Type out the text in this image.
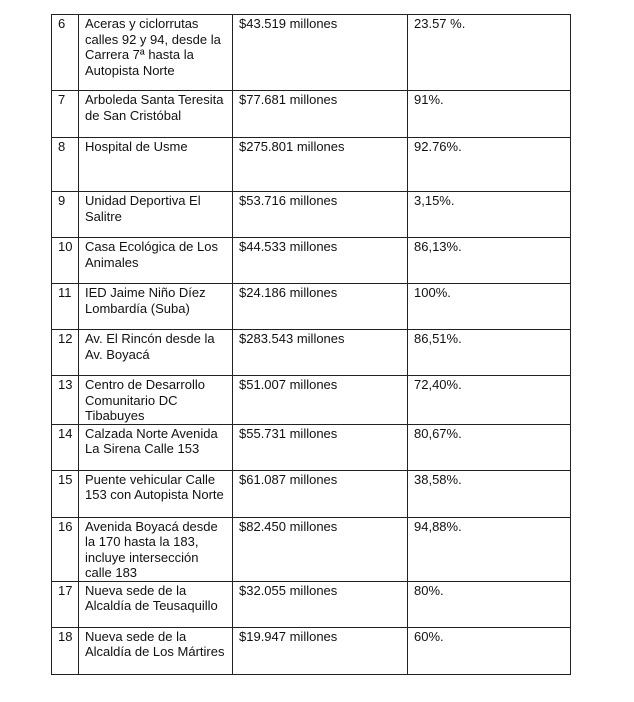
6	Aceras y ciclorrutas calles 92 y 94, desde la Carrera 7ª hasta la Autopista Norte	$43.519 millones	23.57 %.
7	Arboleda Santa Teresita de San Cristóbal	$77.681 millones	91%.
8	Hospital de Usme	$275.801 millones	92.76%.
9	Unidad Deportiva El Salitre	$53.716 millones	3,15%.
10	Casa Ecológica de Los Animales	$44.533 millones	86,13%.
11	IED Jaime Niño Díez Lombardía (Suba)	$24.186 millones	100%.
12	Av. El Rincón desde la Av. Boyacá	$283.543 millones	86,51%.
13	Centro de Desarrollo Comunitario DC Tibabuyes	$51.007 millones	72,40%.
14	Calzada Norte Avenida La Sirena Calle 153	$55.731 millones	80,67%.
15	Puente vehicular Calle 153 con Autopista Norte	$61.087 millones	38,58%.
16	Avenida Boyacá desde la 170 hasta la 183, incluye intersección calle 183	$82.450 millones	94,88%.
17	Nueva sede de la Alcaldía de Teusaquillo	$32.055 millones	80%.
18	Nueva sede de la Alcaldía de Los Mártires	$19.947 millones	60%.
